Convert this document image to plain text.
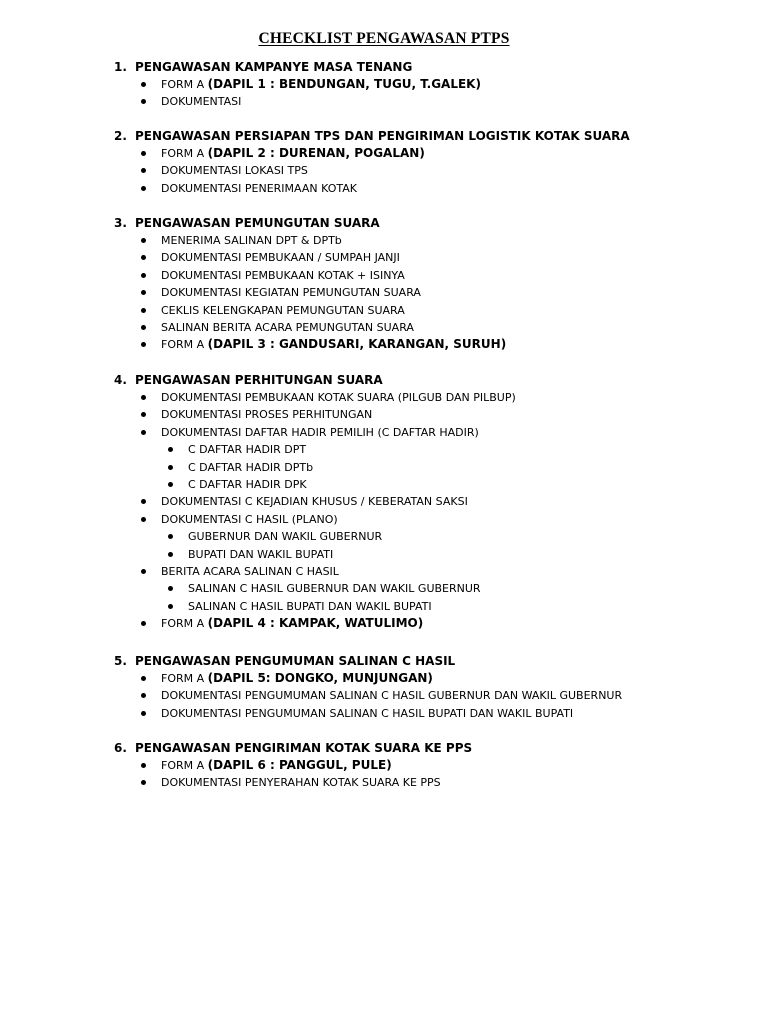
CHECKLIST PENGAWASAN PTPS
1. PENGAWASAN KAMPANYE MASA TENANG
FORM A (DAPIL 1 : BENDUNGAN, TUGU, T.GALEK)
DOKUMENTASI
2. PENGAWASAN PERSIAPAN TPS DAN PENGIRIMAN LOGISTIK KOTAK SUARA
FORM A (DAPIL 2 : DURENAN, POGALAN)
DOKUMENTASI LOKASI TPS
DOKUMENTASI PENERIMAAN KOTAK
3. PENGAWASAN PEMUNGUTAN SUARA
MENERIMA SALINAN DPT & DPTb
DOKUMENTASI PEMBUKAAN / SUMPAH JANJI
DOKUMENTASI PEMBUKAAN KOTAK + ISINYA
DOKUMENTASI KEGIATAN PEMUNGUTAN SUARA
CEKLIS KELENGKAPAN PEMUNGUTAN SUARA
SALINAN BERITA ACARA PEMUNGUTAN SUARA
FORM A (DAPIL 3 : GANDUSARI, KARANGAN, SURUH)
4. PENGAWASAN PERHITUNGAN SUARA
DOKUMENTASI PEMBUKAAN KOTAK SUARA (PILGUB DAN PILBUP)
DOKUMENTASI PROSES PERHITUNGAN
DOKUMENTASI DAFTAR HADIR PEMILIH (C DAFTAR HADIR)
C DAFTAR HADIR DPT
C DAFTAR HADIR DPTb
C DAFTAR HADIR DPK
DOKUMENTASI C KEJADIAN KHUSUS / KEBERATAN SAKSI
DOKUMENTASI C HASIL (PLANO)
GUBERNUR DAN WAKIL GUBERNUR
BUPATI DAN WAKIL BUPATI
BERITA ACARA SALINAN C HASIL
SALINAN C HASIL GUBERNUR DAN WAKIL GUBERNUR
SALINAN C HASIL BUPATI DAN WAKIL BUPATI
FORM A (DAPIL 4 : KAMPAK, WATULIMO)
5. PENGAWASAN PENGUMUMAN SALINAN C HASIL
FORM A (DAPIL 5: DONGKO, MUNJUNGAN)
DOKUMENTASI PENGUMUMAN SALINAN C HASIL GUBERNUR DAN WAKIL GUBERNUR
DOKUMENTASI PENGUMUMAN SALINAN C HASIL BUPATI DAN WAKIL BUPATI
6. PENGAWASAN PENGIRIMAN KOTAK SUARA KE PPS
FORM A (DAPIL 6 : PANGGUL, PULE)
DOKUMENTASI PENYERAHAN KOTAK SUARA KE PPS
